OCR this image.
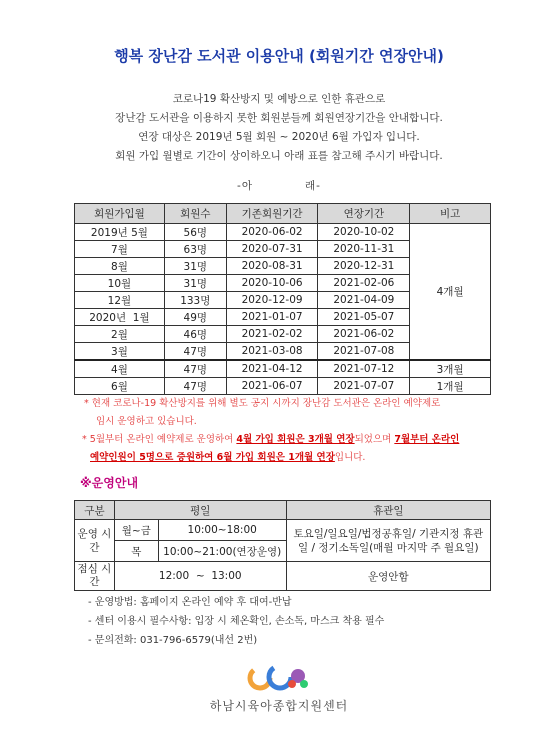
행복 장난감 도서관 이용안내 (회원기간 연장안내)
코로나19 확산방지 및 예방으로 인한 휴관으로
장난감 도서관을 이용하지 못한 회원분들께 회원연장기간을 안내합니다.
연장 대상은 2019년 5월 회원 ~ 2020년 6월 가입자 입니다.
회원 가입 월별로 기간이 상이하오니 아래 표를 참고해 주시기 바랍니다.
-아            래-
회원가입월	회원수	기존회원기간	연장기간	비고
2019년 5월	56명	2020-06-02	2020-10-02	4개월
7월	63명	2020-07-31	2020-11-31	
8월	31명	2020-08-31	2020-12-31	
10월	31명	2020-10-06	2021-02-06	
12월	133명	2020-12-09	2021-04-09	
2020년  1월	49명	2021-01-07	2021-05-07	
2월	46명	2021-02-02	2021-06-02	
3월	47명	2021-03-08	2021-07-08	
4월	47명	2021-04-12	2021-07-12	3개월
6월	47명	2021-06-07	2021-07-07	1개월
* 현재 코로나-19 확산방지를 위해 별도 공지 시까지 장난감 도서관은 온라인 예약제로
임시 운영하고 있습니다.
* 5월부터 온라인 예약제로 운영하여 4월 가입 회원은 3개월 연장되었으며 7월부터 온라인
예약인원이 5명으로 증원하여 6월 가입 회원은 1개월 연장입니다.
※운영안내
구분	평일		휴관일
운영 시간	월~금	10:00~18:00	토요일/일요일/법정공휴일/ 기관지정 휴관일 / 정기소독일(매월 마지막 주 월요일)
	목	10:00~21:00(연장운영)	
점심 시간	12:00  ~  13:00		운영안함
- 운영방법: 홈페이지 온라인 예약 후 대여-반납
- 센터 이용시 필수사항: 입장 시 체온확인, 손소독, 마스크 착용 필수
- 문의전화: 031-796-6579(내선 2번)
하남시육아종합지원센터
